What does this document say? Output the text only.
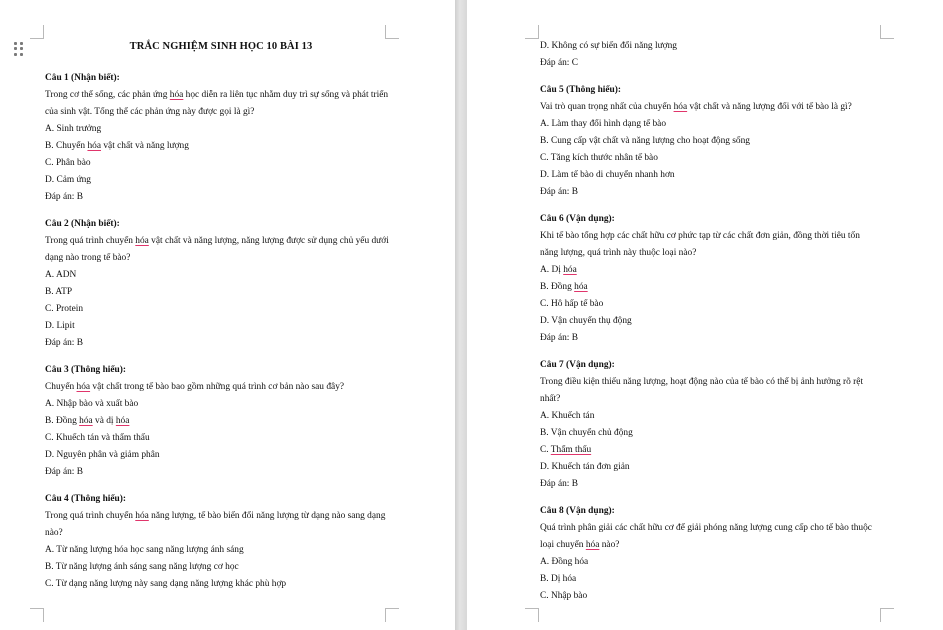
TRẮC NGHIỆM SINH HỌC 10 BÀI 13
Câu 1 (Nhận biết):
Trong cơ thể sống, các phản ứng hóa học diễn ra liên tục nhằm duy trì sự sống và phát triển của sinh vật. Tổng thể các phản ứng này được gọi là gì?
A. Sinh trưởng
B. Chuyển hóa vật chất và năng lượng
C. Phân bào
D. Cảm ứng
Đáp án: B
Câu 2 (Nhận biết):
Trong quá trình chuyển hóa vật chất và năng lượng, năng lượng được sử dụng chủ yếu dưới dạng nào trong tế bào?
A. ADN
B. ATP
C. Protein
D. Lipit
Đáp án: B
Câu 3 (Thông hiểu):
Chuyển hóa vật chất trong tế bào bao gồm những quá trình cơ bản nào sau đây?
A. Nhập bào và xuất bào
B. Đồng hóa và dị hóa
C. Khuếch tán và thẩm thấu
D. Nguyên phân và giảm phân
Đáp án: B
Câu 4 (Thông hiểu):
Trong quá trình chuyển hóa năng lượng, tế bào biến đổi năng lượng từ dạng nào sang dạng nào?
A. Từ năng lượng hóa học sang năng lượng ánh sáng
B. Từ năng lượng ánh sáng sang năng lượng cơ học
C. Từ dạng năng lượng này sang dạng năng lượng khác phù hợp
D. Không có sự biến đổi năng lượng
Đáp án: C
Câu 5 (Thông hiểu):
Vai trò quan trọng nhất của chuyển hóa vật chất và năng lượng đối với tế bào là gì?
A. Làm thay đổi hình dạng tế bào
B. Cung cấp vật chất và năng lượng cho hoạt động sống
C. Tăng kích thước nhân tế bào
D. Làm tế bào di chuyển nhanh hơn
Đáp án: B
Câu 6 (Vận dụng):
Khi tế bào tổng hợp các chất hữu cơ phức tạp từ các chất đơn giản, đồng thời tiêu tốn năng lượng, quá trình này thuộc loại nào?
A. Dị hóa
B. Đồng hóa
C. Hô hấp tế bào
D. Vận chuyển thụ động
Đáp án: B
Câu 7 (Vận dụng):
Trong điều kiện thiếu năng lượng, hoạt động nào của tế bào có thể bị ảnh hưởng rõ rệt nhất?
A. Khuếch tán
B. Vận chuyển chủ động
C. Thẩm thấu
D. Khuếch tán đơn giản
Đáp án: B
Câu 8 (Vận dụng):
Quá trình phân giải các chất hữu cơ để giải phóng năng lượng cung cấp cho tế bào thuộc loại chuyển hóa nào?
A. Đồng hóa
B. Dị hóa
C. Nhập bào
